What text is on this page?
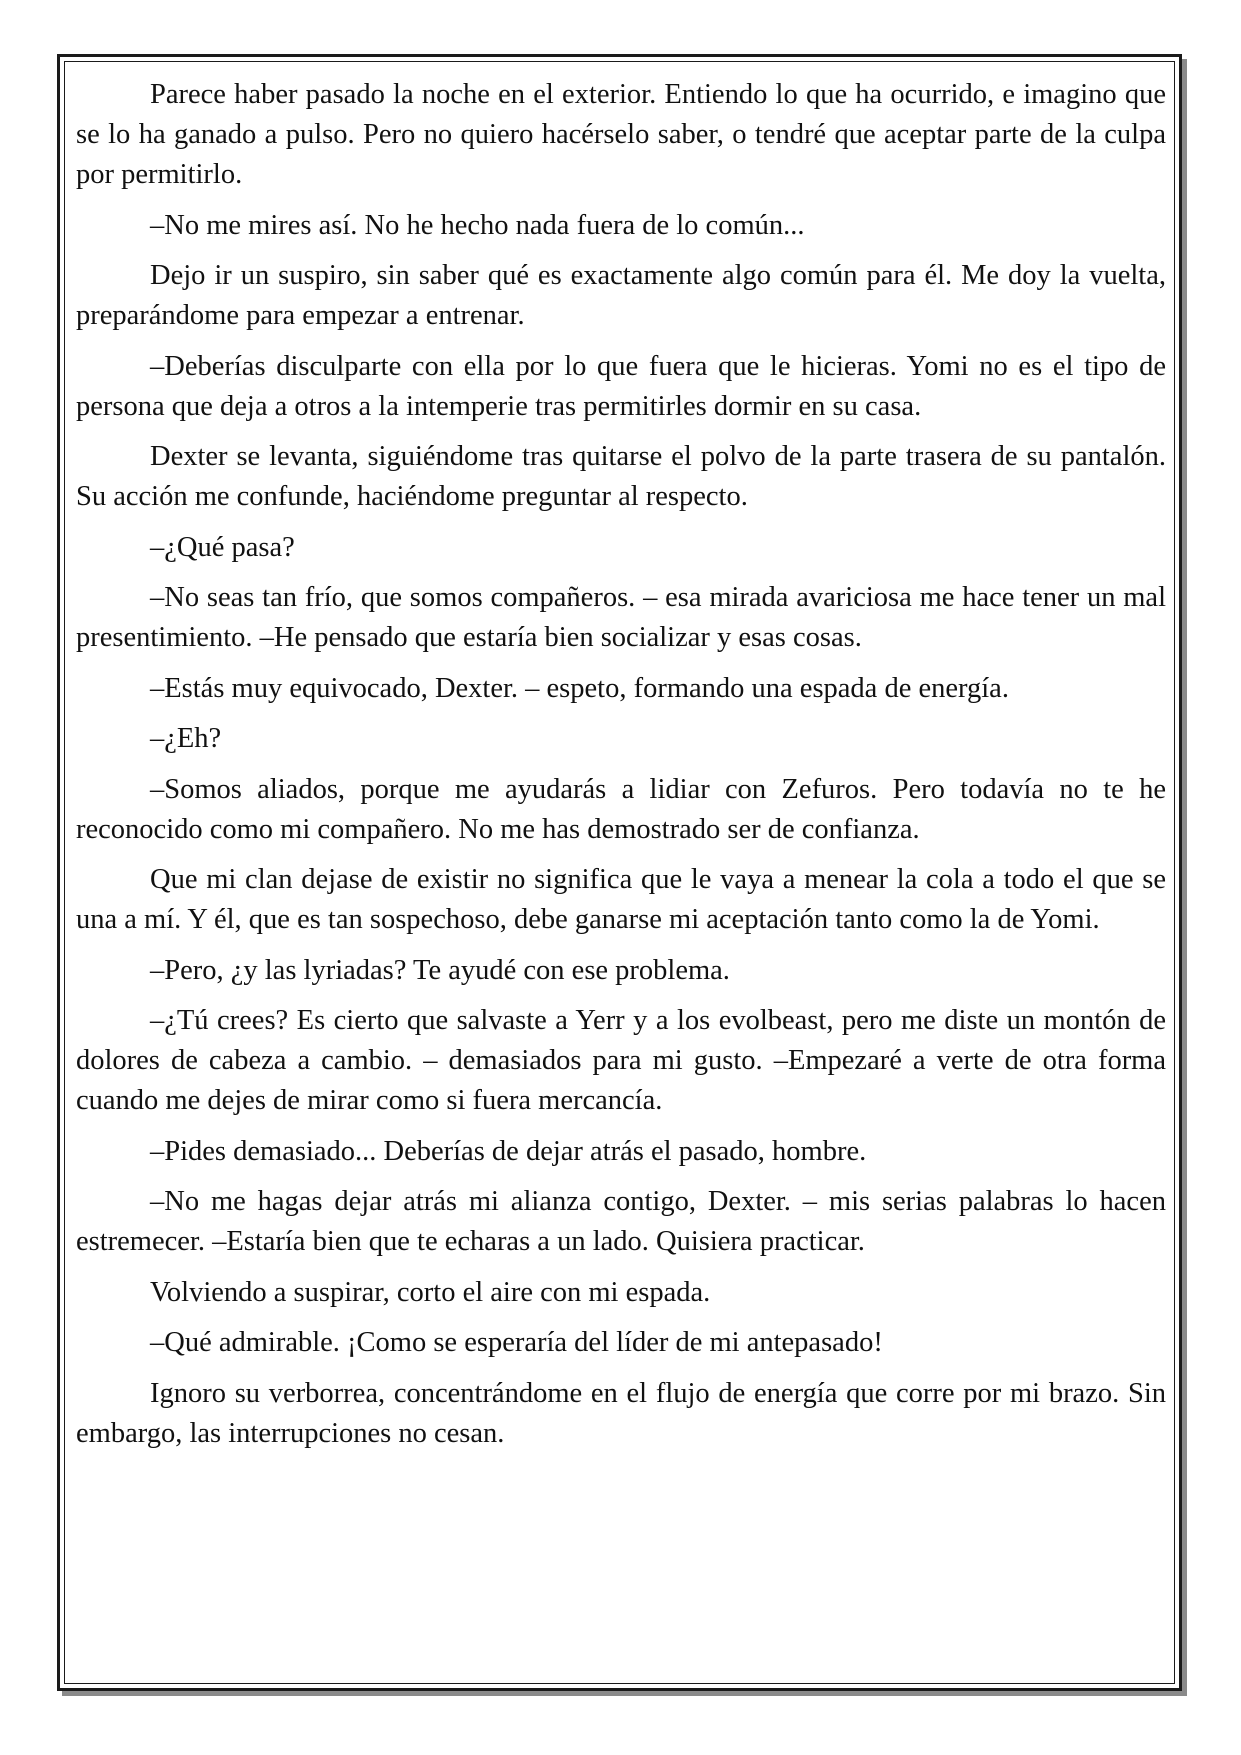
Parece haber pasado la noche en el exterior. Entiendo lo que ha ocurrido, e imagino que se lo ha ganado a pulso. Pero no quiero hacérselo saber, o tendré que aceptar parte de la culpa por permitirlo.

–No me mires así. No he hecho nada fuera de lo común...

Dejo ir un suspiro, sin saber qué es exactamente algo común para él. Me doy la vuelta, preparándome para empezar a entrenar.

–Deberías disculparte con ella por lo que fuera que le hicieras. Yomi no es el tipo de persona que deja a otros a la intemperie tras permitirles dormir en su casa.

Dexter se levanta, siguiéndome tras quitarse el polvo de la parte trasera de su pantalón. Su acción me confunde, haciéndome preguntar al respecto.

–¿Qué pasa?

–No seas tan frío, que somos compañeros. – esa mirada avariciosa me hace tener un mal presentimiento. –He pensado que estaría bien socializar y esas cosas.

–Estás muy equivocado, Dexter. – espeto, formando una espada de energía.

–¿Eh?

–Somos aliados, porque me ayudarás a lidiar con Zefuros. Pero todavía no te he reconocido como mi compañero. No me has demostrado ser de confianza.

Que mi clan dejase de existir no significa que le vaya a menear la cola a todo el que se una a mí. Y él, que es tan sospechoso, debe ganarse mi aceptación tanto como la de Yomi.

–Pero, ¿y las lyriadas? Te ayudé con ese problema.

–¿Tú crees? Es cierto que salvaste a Yerr y a los evolbeast, pero me diste un montón de dolores de cabeza a cambio. – demasiados para mi gusto. –Empezaré a verte de otra forma cuando me dejes de mirar como si fuera mercancía.

–Pides demasiado... Deberías de dejar atrás el pasado, hombre.

–No me hagas dejar atrás mi alianza contigo, Dexter. – mis serias palabras lo hacen estremecer. –Estaría bien que te echaras a un lado. Quisiera practicar.

Volviendo a suspirar, corto el aire con mi espada.

–Qué admirable. ¡Como se esperaría del líder de mi antepasado!

Ignoro su verborrea, concentrándome en el flujo de energía que corre por mi brazo. Sin embargo, las interrupciones no cesan.
